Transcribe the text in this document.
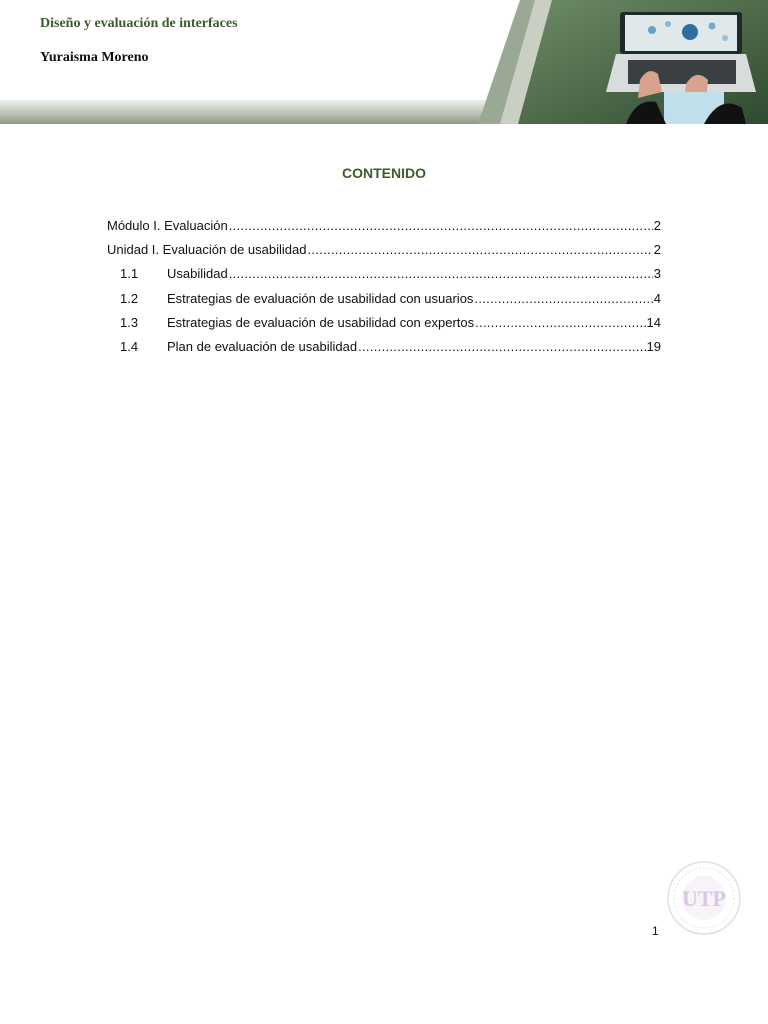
Diseño y evaluación de interfaces
Yuraisma Moreno
CONTENIDO
Módulo I. Evaluación .....	2
Unidad I. Evaluación de usabilidad .....	2
1.1	Usabilidad .....	3
1.2	Estrategias de evaluación de usabilidad con usuarios .....	4
1.3	Estrategias de evaluación de usabilidad con expertos .....	14
1.4	Plan de evaluación de usabilidad .....	19
UTP
1
